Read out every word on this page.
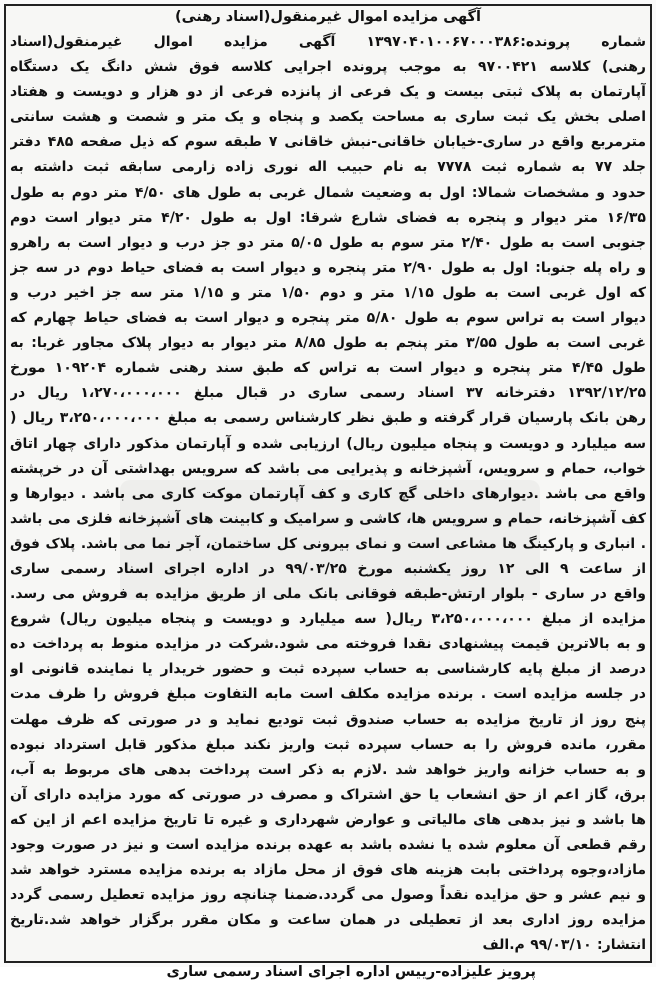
آگهی مزایده اموال غیرمنقول(اسناد رهنی)
شماره پرونده:۱۳۹۷۰۴۰۱۰۰۶۷۰۰۰۳۸۶ آگهی مزایده اموال غیرمنقول(اسناد
رهنی) کلاسه ۹۷۰۰۴۲۱ به موجب پرونده اجرایی کلاسه فوق شش دانگ یک دستگاه
آپارتمان به پلاک ثبتی بیست و یک فرعی از پانزده فرعی از دو هزار و دویست و هفتاد
اصلی بخش یک ثبت ساری به مساحت یکصد و پنجاه و یک متر و شصت و هشت سانتی
مترمربع واقع در ساری-خیابان خاقانی-نبش خاقانی ۷ طبقه سوم که ذیل صفحه ۴۸۵ دفتر
جلد ۷۷ به شماره ثبت ۷۷۷۸ به نام حبیب اله نوری زاده زارمی سابقه ثبت داشته به
حدود و مشخصات شمالا: اول به وضعیت شمال غربی به طول های ۴/۵۰ متر دوم به طول
۱۶/۳۵ متر دیوار و پنجره به فضای شارع شرقا: اول به طول ۴/۲۰ متر دیوار است دوم
جنوبی است به طول ۲/۴۰ متر سوم به طول ۵/۰۵ متر دو جز درب و دیوار است به راهرو
و راه پله جنوبا: اول به طول ۲/۹۰ متر پنجره و دیوار است به فضای حیاط دوم در سه جز
که اول غربی است به طول ۱/۱۵ متر و دوم ۱/۵۰ متر و ۱/۱۵ متر سه جز اخیر درب و
دیوار است به تراس سوم به طول ۵/۸۰ متر پنجره و دیوار است به فضای حیاط چهارم که
غربی است به طول ۳/۵۵ متر پنجم به طول ۸/۸۵ متر دیوار به دیوار پلاک مجاور غربا: به
طول ۴/۴۵ متر پنجره و دیوار است به تراس که طبق سند رهنی شماره ۱۰۹۲۰۴ مورخ
۱۳۹۲/۱۲/۲۵ دفترخانه ۳۷ اسناد رسمی ساری در قبال مبلغ ۱،۲۷۰،۰۰۰،۰۰۰ ریال در
رهن بانک پارسیان قرار گرفته و طبق نظر کارشناس رسمی به مبلغ ۳،۲۵۰،۰۰۰،۰۰۰ ریال (
سه میلیارد و دویست و پنجاه میلیون ریال) ارزیابی شده و آپارتمان مذکور دارای چهار اتاق
خواب، حمام و سرویس، آشپزخانه و پذیرایی می باشد که سرویس بهداشتی آن در خرپشته
واقع می باشد .دیوارهای داخلی گچ کاری و کف آپارتمان موکت کاری می باشد . دیوارها و
کف آشپزخانه، حمام و سرویس ها، کاشی و سرامیک و کابینت های آشپزخانه فلزی می باشد
. انباری و پارکینگ ها مشاعی است و نمای بیرونی کل ساختمان، آجر نما می باشد. پلاک فوق
از ساعت ۹ الی ۱۲ روز یکشنبه مورخ ۹۹/۰۳/۲۵ در اداره اجرای اسناد رسمی ساری
واقع در ساری - بلوار ارتش-طبقه فوقانی بانک ملی از طریق مزایده به فروش می رسد.
مزایده از مبلغ ۳،۲۵۰،۰۰۰،۰۰۰ ریال( سه میلیارد و دویست و پنجاه میلیون ریال) شروع
و به بالاترین قیمت پیشنهادی نقدا فروخته می شود.شرکت در مزایده منوط به پرداخت ده
درصد از مبلغ پایه کارشناسی به حساب سپرده ثبت و حضور خریدار یا نماینده قانونی او
در جلسه مزایده است . برنده مزایده مکلف است مابه التفاوت مبلغ فروش را ظرف مدت
پنج روز از تاریخ مزایده به حساب صندوق ثبت تودیع نماید و در صورتی که ظرف مهلت
مقرر، مانده فروش را به حساب سپرده ثبت واریز نکند مبلغ مذکور قابل استرداد نبوده
و به حساب خزانه واریز خواهد شد .لازم به ذکر است پرداخت بدهی های مربوط به آب،
برق، گاز اعم از حق انشعاب یا حق اشتراک و مصرف در صورتی که مورد مزایده دارای آن
ها باشد و نیز بدهی های مالیاتی و عوارض شهرداری و غیره تا تاریخ مزایده اعم از این که
رقم قطعی آن معلوم شده یا نشده باشد به عهده برنده مزایده است و نیز در صورت وجود
مازاد،وجوه پرداختی بابت هزینه های فوق از محل مازاد به برنده مزایده مسترد خواهد شد
و نیم عشر و حق مزایده نقداً وصول می گردد.ضمنا چنانچه روز مزایده تعطیل رسمی گردد
مزایده روز اداری بعد از تعطیلی در همان ساعت و مکان مقرر برگزار خواهد شد.تاریخ
انتشار: ۹۹/۰۳/۱۰ م.الف
پرویز علیزاده-رییس اداره اجرای اسناد رسمی ساری
